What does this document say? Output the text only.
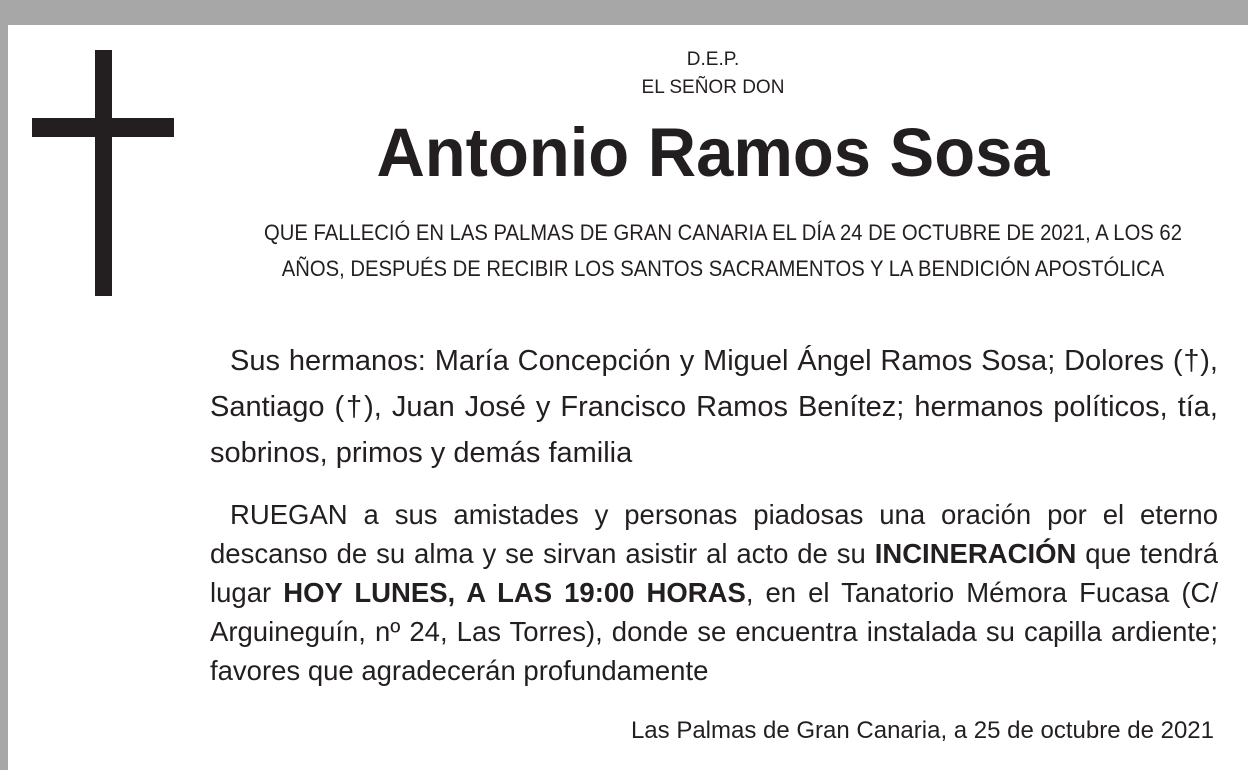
D.E.P.
EL SEÑOR DON
Antonio Ramos Sosa
QUE FALLECIÓ EN LAS PALMAS DE GRAN CANARIA EL DÍA 24 DE OCTUBRE DE 2021, A LOS 62 AÑOS, DESPUÉS DE RECIBIR LOS SANTOS SACRAMENTOS Y LA BENDICIÓN APOSTÓLICA
Sus hermanos: María Concepción y Miguel Ángel Ramos Sosa; Dolores (†), Santiago (†), Juan José y Francisco Ramos Benítez; hermanos políticos, tía, sobrinos, primos y demás familia
RUEGAN a sus amistades y personas piadosas una oración por el eterno descanso de su alma y se sirvan asistir al acto de su INCINERACIÓN que tendrá lugar HOY LUNES, A LAS 19:00 HORAS, en el Tanatorio Mémora Fucasa (C/ Arguineguín, nº 24, Las Torres), donde se encuentra instalada su capilla ardiente; favores que agradecerán profundamente
Las Palmas de Gran Canaria, a 25 de octubre de 2021
